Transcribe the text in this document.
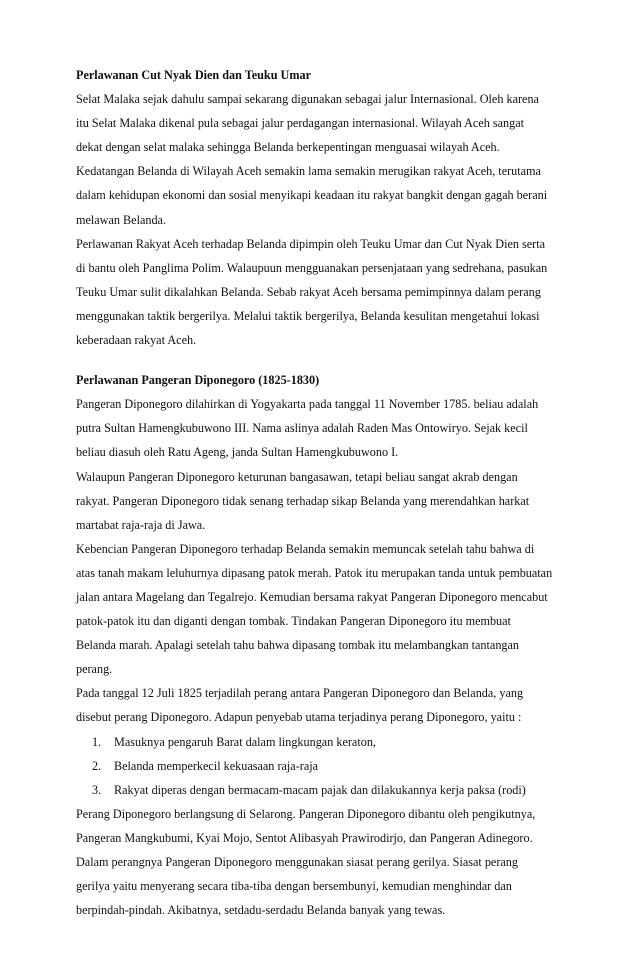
Perlawanan Cut Nyak Dien dan Teuku Umar
Selat Malaka sejak dahulu sampai sekarang digunakan sebagai jalur Internasional. Oleh karena
itu Selat Malaka dikenal pula sebagai jalur perdagangan internasional. Wilayah Aceh sangat
dekat dengan selat malaka sehingga Belanda berkepentingan menguasai wilayah Aceh.
Kedatangan Belanda di Wilayah Aceh semakin lama semakin merugikan rakyat Aceh, terutama
dalam kehidupan ekonomi dan sosial menyikapi keadaan itu rakyat bangkit dengan gagah berani
melawan Belanda.
Perlawanan Rakyat Aceh terhadap Belanda dipimpin oleh Teuku Umar dan Cut Nyak Dien serta
di bantu oleh Panglima Polim. Walaupuun mengguanakan persenjataan yang sedrehana, pasukan
Teuku Umar sulit dikalahkan Belanda. Sebab rakyat Aceh bersama pemimpinnya dalam perang
menggunakan taktik bergerilya. Melalui taktik bergerilya, Belanda kesulitan mengetahui lokasi
keberadaan rakyat Aceh.
Perlawanan Pangeran Diponegoro (1825-1830)
Pangeran Diponegoro dilahirkan di Yogyakarta pada tanggal 11 November 1785. beliau adalah
putra Sultan Hamengkubuwono III. Nama aslinya adalah Raden Mas Ontowiryo. Sejak kecil
beliau diasuh oleh Ratu Ageng, janda Sultan Hamengkubuwono I.
Walaupun Pangeran Diponegoro keturunan bangasawan, tetapi beliau sangat akrab dengan
rakyat. Pangeran Diponegoro tidak senang terhadap sikap Belanda yang merendahkan harkat
martabat raja-raja di Jawa.
Kebencian Pangeran Diponegoro terhadap Belanda semakin memuncak setelah tahu bahwa di
atas tanah makam leluhurnya dipasang patok merah. Patok itu merupakan tanda untuk pembuatan
jalan antara Magelang dan Tegalrejo. Kemudian bersama rakyat Pangeran Diponegoro mencabut
patok-patok itu dan diganti dengan tombak. Tindakan Pangeran Diponegoro itu membuat
Belanda marah. Apalagi setelah tahu bahwa dipasang tombak itu melambangkan tantangan
perang.
Pada tanggal 12 Juli 1825 terjadilah perang antara Pangeran Diponegoro dan Belanda, yang
disebut perang Diponegoro. Adapun penyebab utama terjadinya perang Diponegoro, yaitu :
1. Masuknya pengaruh Barat dalam lingkungan keraton,
2. Belanda memperkecil kekuasaan raja-raja
3. Rakyat diperas dengan bermacam-macam pajak dan dilakukannya kerja paksa (rodi)
Perang Diponegoro berlangsung di Selarong. Pangeran Diponegoro dibantu oleh pengikutnya,
Pangeran Mangkubumi, Kyai Mojo, Sentot Alibasyah Prawirodirjo, dan Pangeran Adinegoro.
Dalam perangnya Pangeran Diponegoro menggunakan siasat perang gerilya. Siasat perang
gerilya yaitu menyerang secara tiba-tiba dengan bersembunyi, kemudian menghindar dan
berpindah-pindah. Akibatnya, setdadu-serdadu Belanda banyak yang tewas.
